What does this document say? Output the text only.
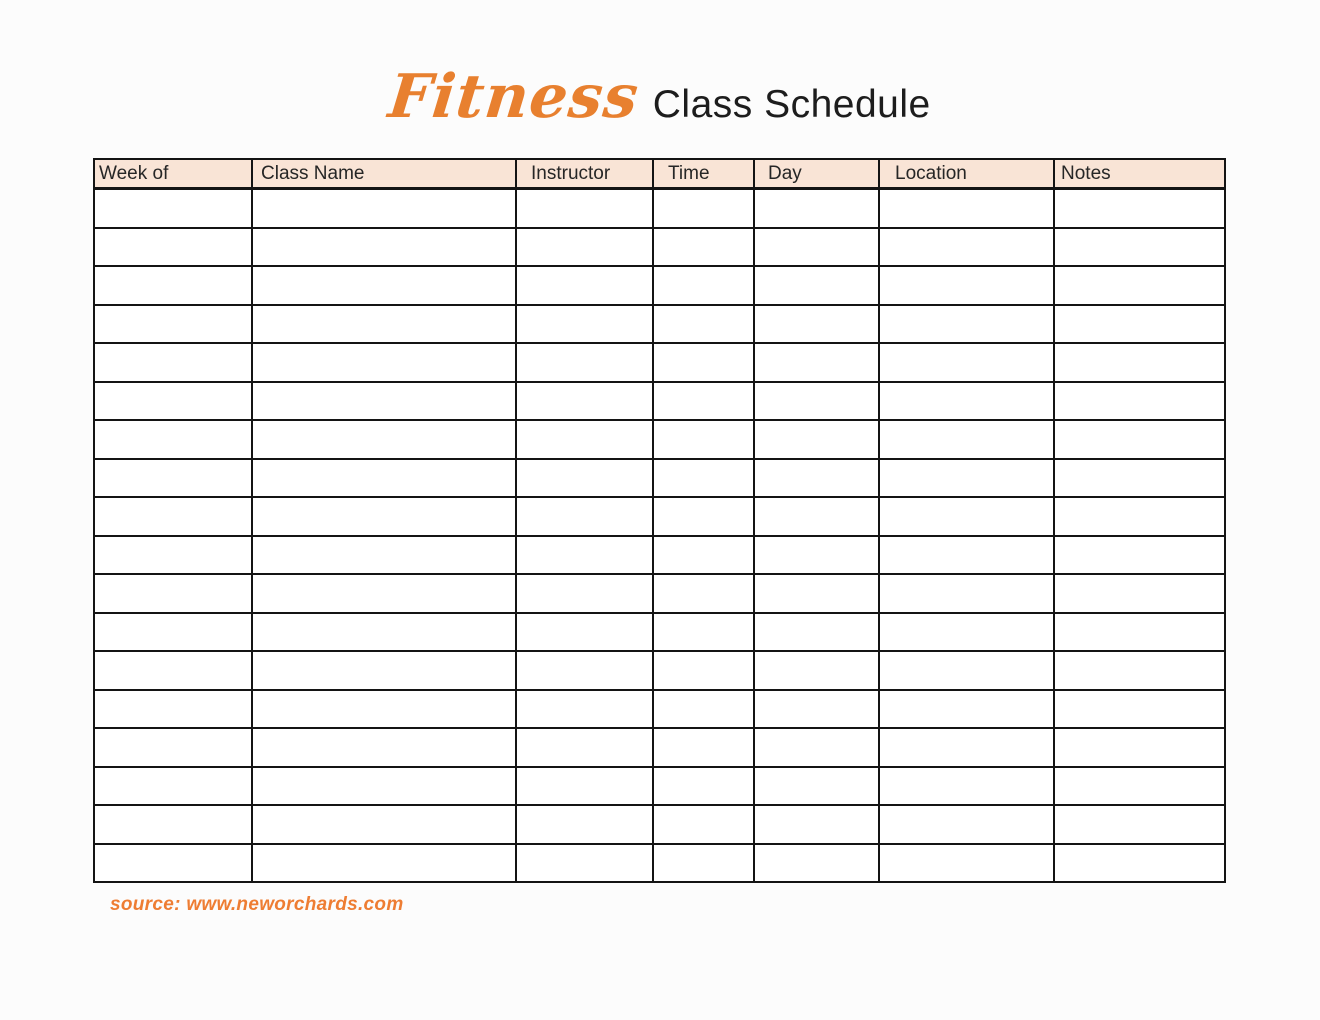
Fitness Class Schedule
Week of	Class Name	Instructor	Time	Day	Location	Notes

source: www.neworchards.com
